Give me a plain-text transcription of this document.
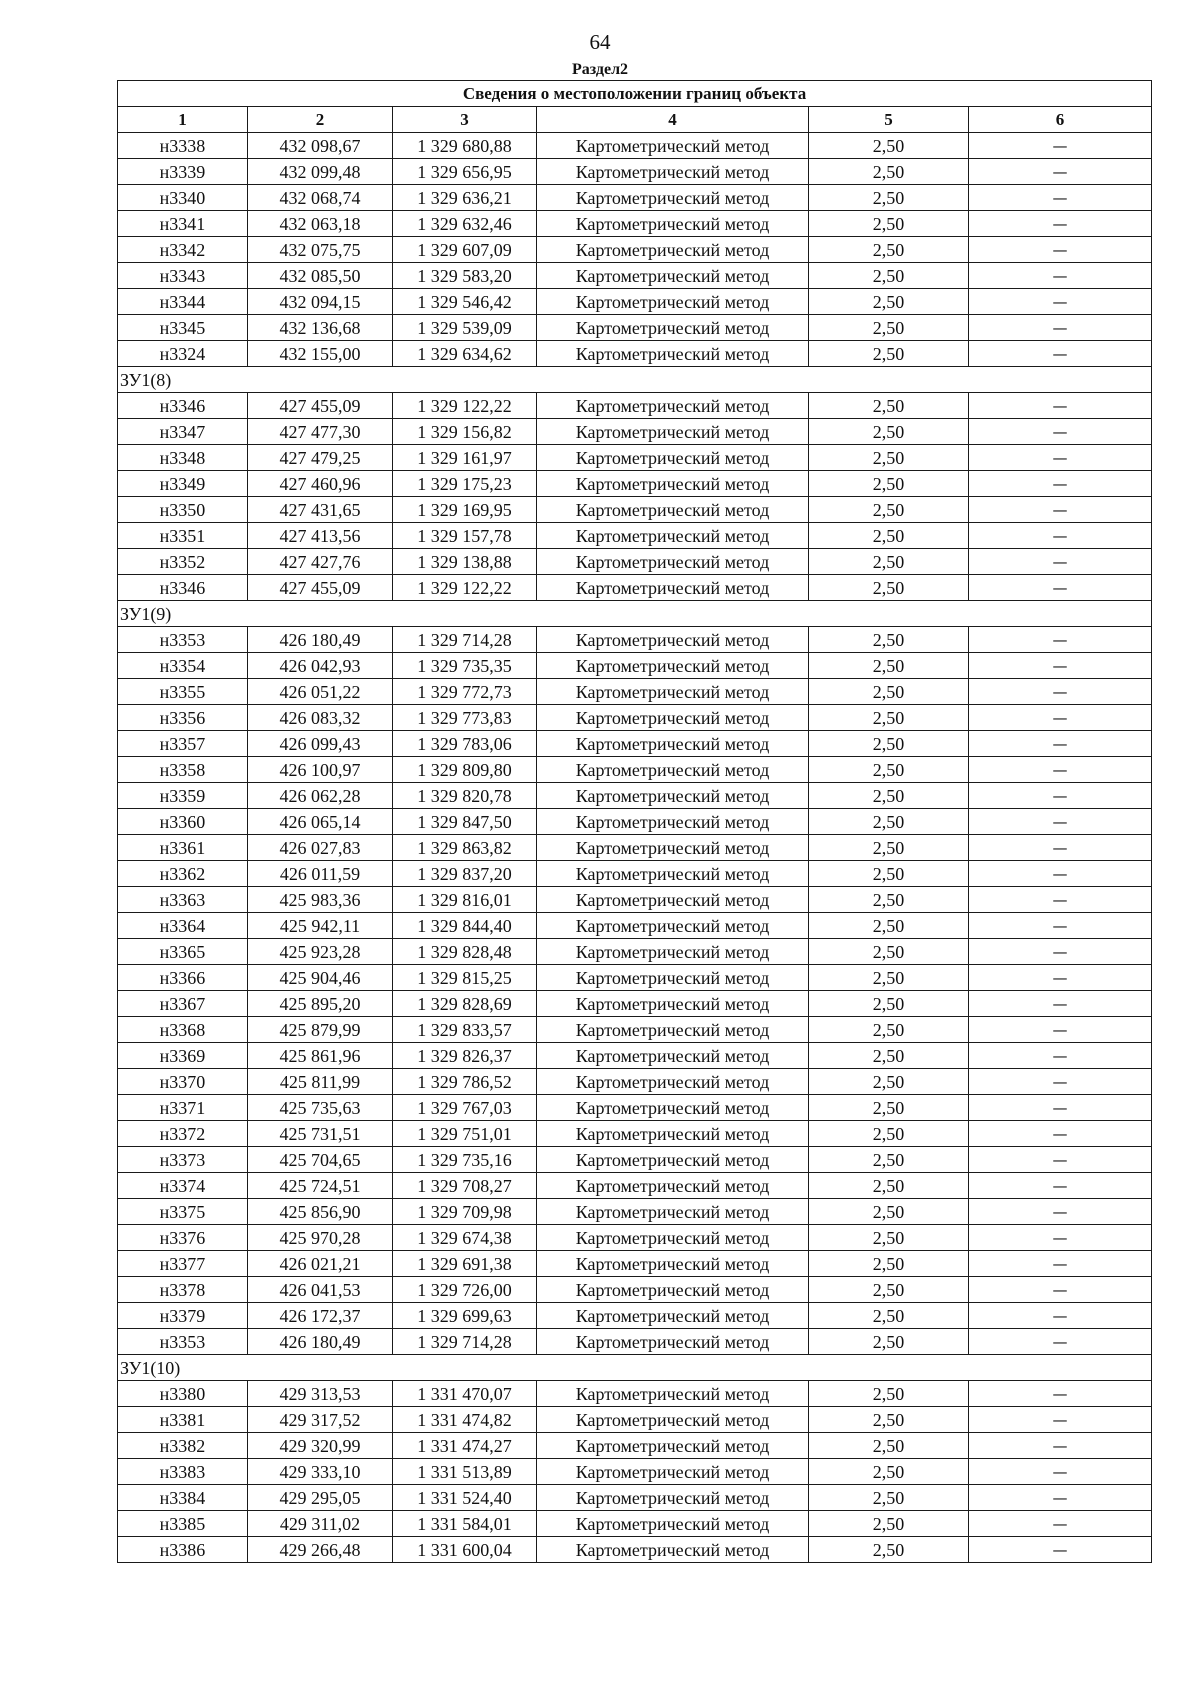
64
Раздел2
Сведения о местоположении границ объекта					
1	2	3	4	5	6
н3338	432 098,67	1 329 680,88	Картометрический метод	2,50	—
н3339	432 099,48	1 329 656,95	Картометрический метод	2,50	—
н3340	432 068,74	1 329 636,21	Картометрический метод	2,50	—
н3341	432 063,18	1 329 632,46	Картометрический метод	2,50	—
н3342	432 075,75	1 329 607,09	Картометрический метод	2,50	—
н3343	432 085,50	1 329 583,20	Картометрический метод	2,50	—
н3344	432 094,15	1 329 546,42	Картометрический метод	2,50	—
н3345	432 136,68	1 329 539,09	Картометрический метод	2,50	—
н3324	432 155,00	1 329 634,62	Картометрический метод	2,50	—
ЗУ1(8)					
н3346	427 455,09	1 329 122,22	Картометрический метод	2,50	—
н3347	427 477,30	1 329 156,82	Картометрический метод	2,50	—
н3348	427 479,25	1 329 161,97	Картометрический метод	2,50	—
н3349	427 460,96	1 329 175,23	Картометрический метод	2,50	—
н3350	427 431,65	1 329 169,95	Картометрический метод	2,50	—
н3351	427 413,56	1 329 157,78	Картометрический метод	2,50	—
н3352	427 427,76	1 329 138,88	Картометрический метод	2,50	—
н3346	427 455,09	1 329 122,22	Картометрический метод	2,50	—
ЗУ1(9)					
н3353	426 180,49	1 329 714,28	Картометрический метод	2,50	—
н3354	426 042,93	1 329 735,35	Картометрический метод	2,50	—
н3355	426 051,22	1 329 772,73	Картометрический метод	2,50	—
н3356	426 083,32	1 329 773,83	Картометрический метод	2,50	—
н3357	426 099,43	1 329 783,06	Картометрический метод	2,50	—
н3358	426 100,97	1 329 809,80	Картометрический метод	2,50	—
н3359	426 062,28	1 329 820,78	Картометрический метод	2,50	—
н3360	426 065,14	1 329 847,50	Картометрический метод	2,50	—
н3361	426 027,83	1 329 863,82	Картометрический метод	2,50	—
н3362	426 011,59	1 329 837,20	Картометрический метод	2,50	—
н3363	425 983,36	1 329 816,01	Картометрический метод	2,50	—
н3364	425 942,11	1 329 844,40	Картометрический метод	2,50	—
н3365	425 923,28	1 329 828,48	Картометрический метод	2,50	—
н3366	425 904,46	1 329 815,25	Картометрический метод	2,50	—
н3367	425 895,20	1 329 828,69	Картометрический метод	2,50	—
н3368	425 879,99	1 329 833,57	Картометрический метод	2,50	—
н3369	425 861,96	1 329 826,37	Картометрический метод	2,50	—
н3370	425 811,99	1 329 786,52	Картометрический метод	2,50	—
н3371	425 735,63	1 329 767,03	Картометрический метод	2,50	—
н3372	425 731,51	1 329 751,01	Картометрический метод	2,50	—
н3373	425 704,65	1 329 735,16	Картометрический метод	2,50	—
н3374	425 724,51	1 329 708,27	Картометрический метод	2,50	—
н3375	425 856,90	1 329 709,98	Картометрический метод	2,50	—
н3376	425 970,28	1 329 674,38	Картометрический метод	2,50	—
н3377	426 021,21	1 329 691,38	Картометрический метод	2,50	—
н3378	426 041,53	1 329 726,00	Картометрический метод	2,50	—
н3379	426 172,37	1 329 699,63	Картометрический метод	2,50	—
н3353	426 180,49	1 329 714,28	Картометрический метод	2,50	—
ЗУ1(10)					
н3380	429 313,53	1 331 470,07	Картометрический метод	2,50	—
н3381	429 317,52	1 331 474,82	Картометрический метод	2,50	—
н3382	429 320,99	1 331 474,27	Картометрический метод	2,50	—
н3383	429 333,10	1 331 513,89	Картометрический метод	2,50	—
н3384	429 295,05	1 331 524,40	Картометрический метод	2,50	—
н3385	429 311,02	1 331 584,01	Картометрический метод	2,50	—
н3386	429 266,48	1 331 600,04	Картометрический метод	2,50	—
